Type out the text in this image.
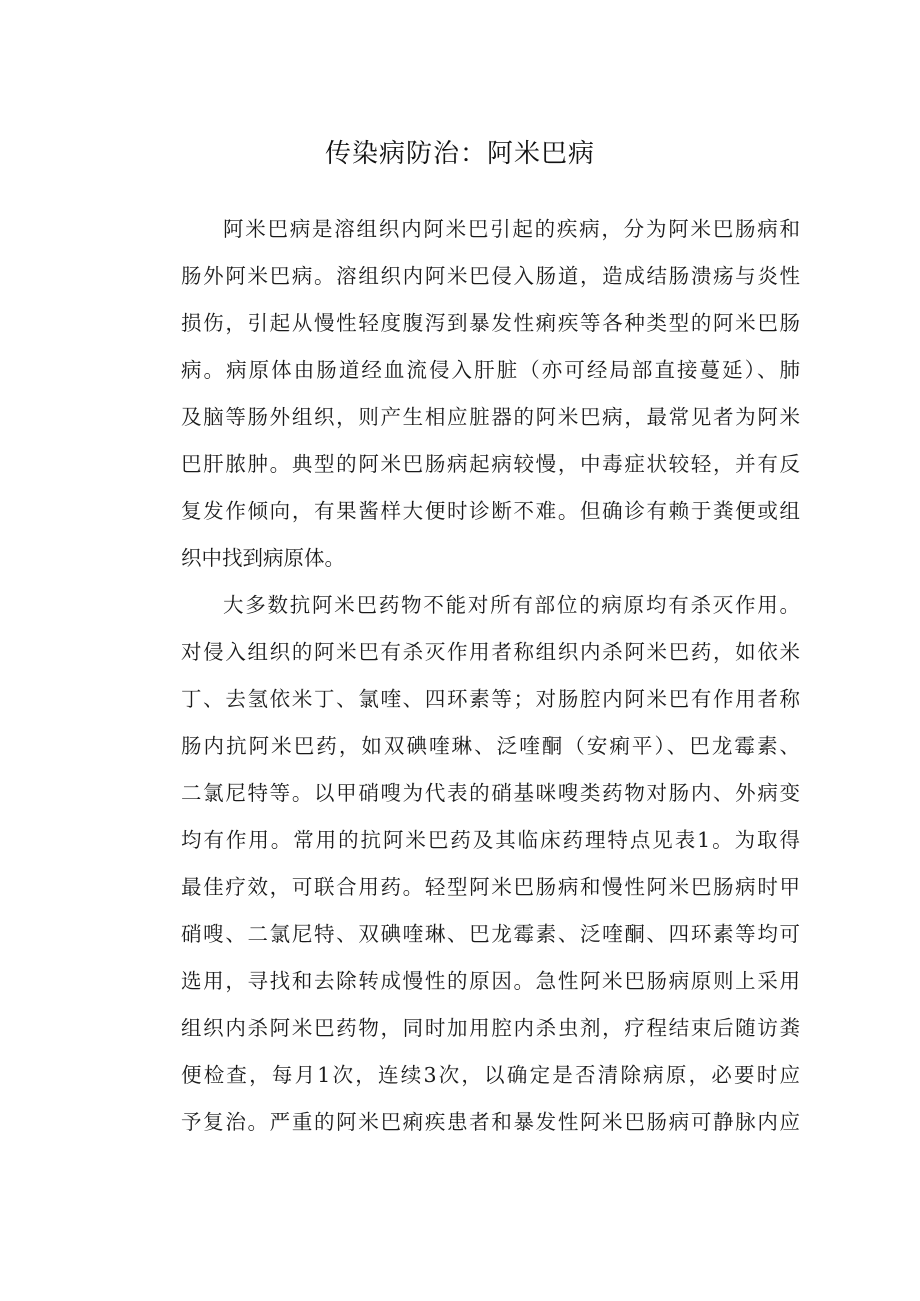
传染病防治：阿米巴病
阿米巴病是溶组织内阿米巴引起的疾病，分为阿米巴肠病和
肠外阿米巴病。溶组织内阿米巴侵入肠道，造成结肠溃疡与炎性
损伤，引起从慢性轻度腹泻到暴发性痢疾等各种类型的阿米巴肠
病。病原体由肠道经血流侵入肝脏（亦可经局部直接蔓延）、肺
及脑等肠外组织，则产生相应脏器的阿米巴病，最常见者为阿米
巴肝脓肿。典型的阿米巴肠病起病较慢，中毒症状较轻，并有反
复发作倾向，有果酱样大便时诊断不难。但确诊有赖于粪便或组
织中找到病原体。
大多数抗阿米巴药物不能对所有部位的病原均有杀灭作用。
对侵入组织的阿米巴有杀灭作用者称组织内杀阿米巴药，如依米
丁、去氢依米丁、氯喹、四环素等；对肠腔内阿米巴有作用者称
肠内抗阿米巴药，如双碘喹琳、泛喹酮（安痢平）、巴龙霉素、
二氯尼特等。以甲硝嗖为代表的硝基咪嗖类药物对肠内、外病变
均有作用。常用的抗阿米巴药及其临床药理特点见表1。为取得
最佳疗效，可联合用药。轻型阿米巴肠病和慢性阿米巴肠病时甲
硝嗖、二氯尼特、双碘喹琳、巴龙霉素、泛喹酮、四环素等均可
选用，寻找和去除转成慢性的原因。急性阿米巴肠病原则上采用
组织内杀阿米巴药物，同时加用腔内杀虫剂，疗程结束后随访粪
便检查，每月1次，连续3次，以确定是否清除病原，必要时应
予复治。严重的阿米巴痢疾患者和暴发性阿米巴肠病可静脉内应
